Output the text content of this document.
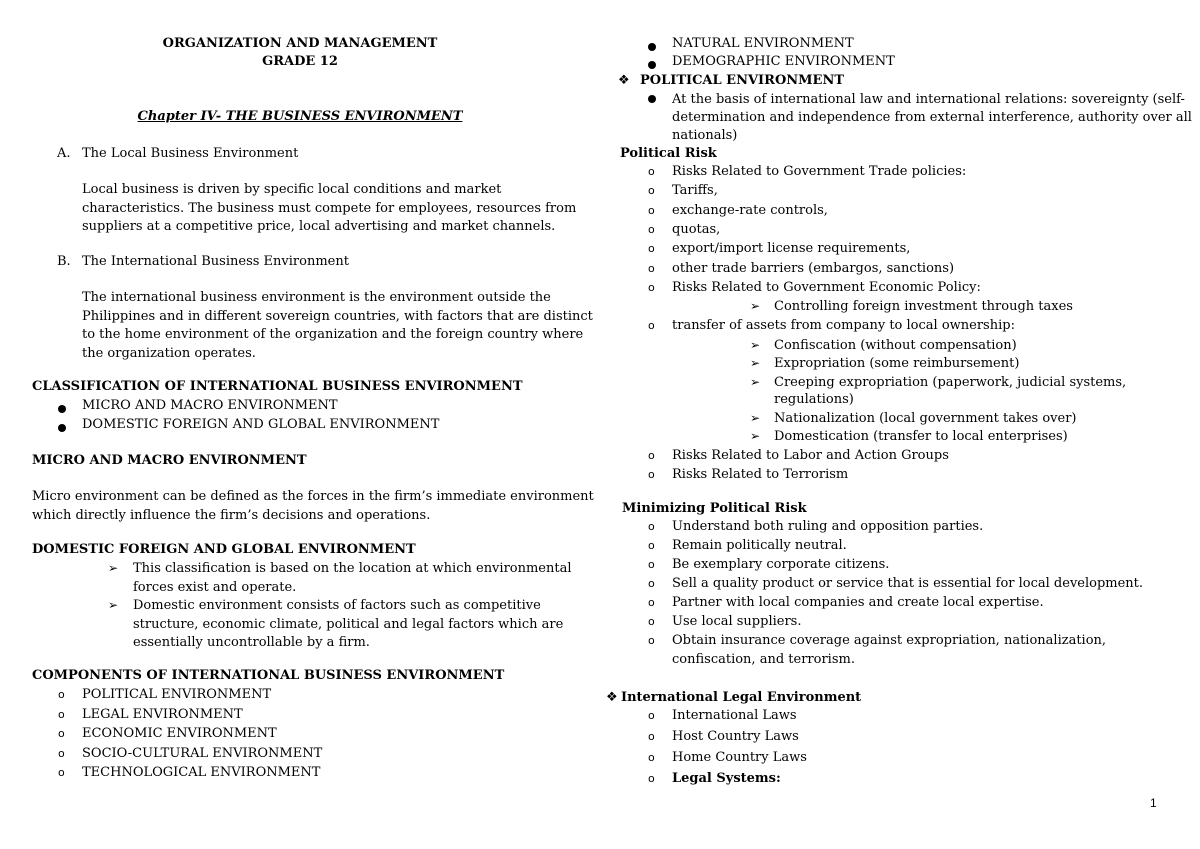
ORGANIZATION AND MANAGEMENT
GRADE 12
Chapter IV- THE BUSINESS ENVIRONMENT
A. The Local Business Environment
Local business is driven by specific local conditions and market
characteristics. The business must compete for employees, resources from
suppliers at a competitive price, local advertising and market channels.
B. The International Business Environment
The international business environment is the environment outside the
Philippines and in different sovereign countries, with factors that are distinct
to the home environment of the organization and the foreign country where
the organization operates.
CLASSIFICATION OF INTERNATIONAL BUSINESS ENVIRONMENT
MICRO AND MACRO ENVIRONMENT
DOMESTIC FOREIGN AND GLOBAL ENVIRONMENT
MICRO AND MACRO ENVIRONMENT
Micro environment can be defined as the forces in the firm’s immediate environment
which directly influence the firm’s decisions and operations.
DOMESTIC FOREIGN AND GLOBAL ENVIRONMENT
➢ This classification is based on the location at which environmental
forces exist and operate.
➢ Domestic environment consists of factors such as competitive
structure, economic climate, political and legal factors which are
essentially uncontrollable by a firm.
COMPONENTS OF INTERNATIONAL BUSINESS ENVIRONMENT
o POLITICAL ENVIRONMENT
o LEGAL ENVIRONMENT
o ECONOMIC ENVIRONMENT
o SOCIO-CULTURAL ENVIRONMENT
o TECHNOLOGICAL ENVIRONMENT
NATURAL ENVIRONMENT
DEMOGRAPHIC ENVIRONMENT
❖ POLITICAL ENVIRONMENT
At the basis of international law and international relations: sovereignty (self-
determination and independence from external interference, authority over all
nationals)
Political Risk
o Risks Related to Government Trade policies:
o Tariffs,
o exchange-rate controls,
o quotas,
o export/import license requirements,
o other trade barriers (embargos, sanctions)
o Risks Related to Government Economic Policy:
➢ Controlling foreign investment through taxes
o transfer of assets from company to local ownership:
➢ Confiscation (without compensation)
➢ Expropriation (some reimbursement)
➢ Creeping expropriation (paperwork, judicial systems,
regulations)
➢ Nationalization (local government takes over)
➢ Domestication (transfer to local enterprises)
o Risks Related to Labor and Action Groups
o Risks Related to Terrorism
Minimizing Political Risk
o Understand both ruling and opposition parties.
o Remain politically neutral.
o Be exemplary corporate citizens.
o Sell a quality product or service that is essential for local development.
o Partner with local companies and create local expertise.
o Use local suppliers.
o Obtain insurance coverage against expropriation, nationalization,
confiscation, and terrorism.
❖ International Legal Environment
o International Laws
o Host Country Laws
o Home Country Laws
o Legal Systems:
1
